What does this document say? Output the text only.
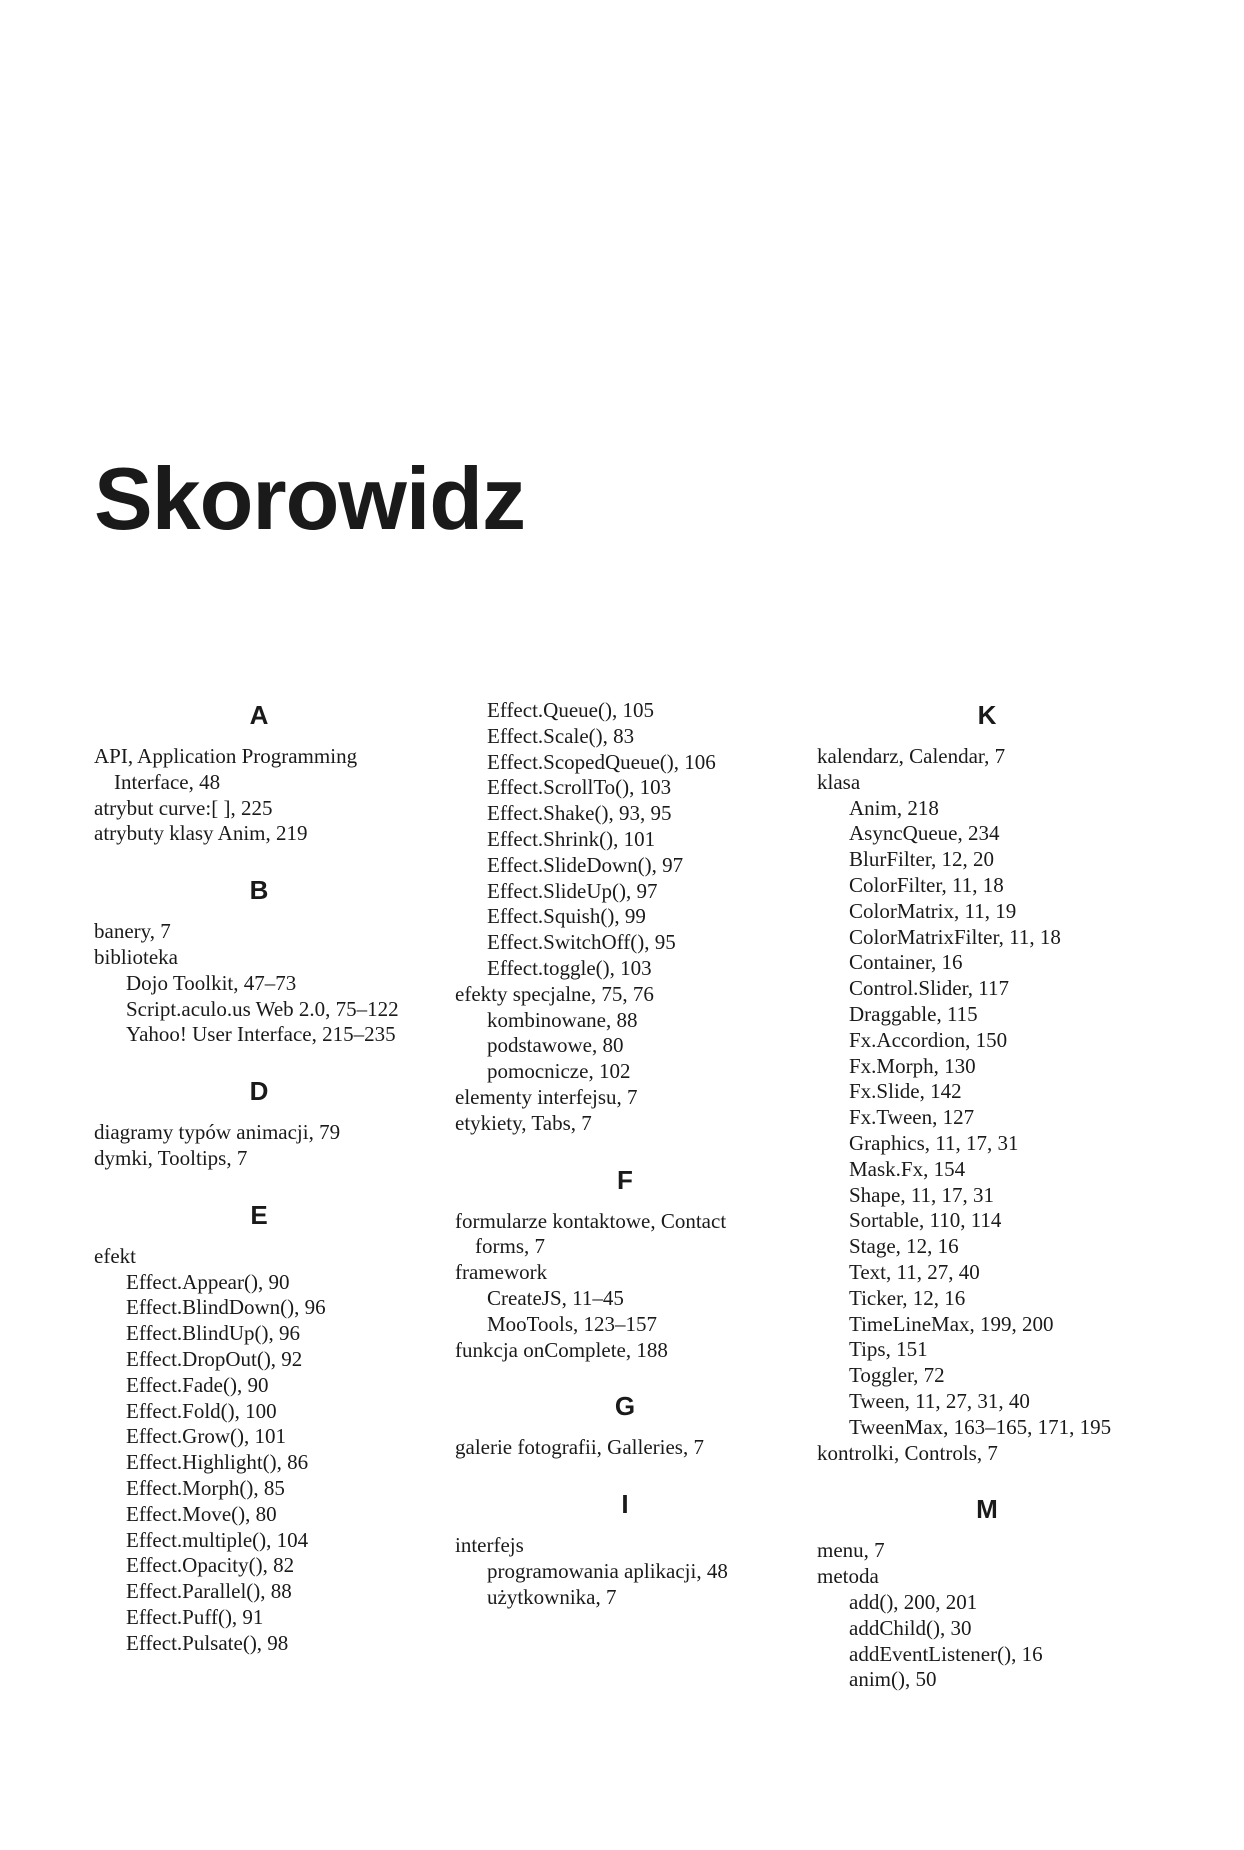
Skorowidz
A
API, Application Programming
Interface, 48
atrybut curve:[ ], 225
atrybuty klasy Anim, 219
B
banery, 7
biblioteka
Dojo Toolkit, 47–73
Script.aculo.us Web 2.0, 75–122
Yahoo! User Interface, 215–235
D
diagramy typów animacji, 79
dymki, Tooltips, 7
E
efekt
Effect.Appear(), 90
Effect.BlindDown(), 96
Effect.BlindUp(), 96
Effect.DropOut(), 92
Effect.Fade(), 90
Effect.Fold(), 100
Effect.Grow(), 101
Effect.Highlight(), 86
Effect.Morph(), 85
Effect.Move(), 80
Effect.multiple(), 104
Effect.Opacity(), 82
Effect.Parallel(), 88
Effect.Puff(), 91
Effect.Pulsate(), 98
Effect.Queue(), 105
Effect.Scale(), 83
Effect.ScopedQueue(), 106
Effect.ScrollTo(), 103
Effect.Shake(), 93, 95
Effect.Shrink(), 101
Effect.SlideDown(), 97
Effect.SlideUp(), 97
Effect.Squish(), 99
Effect.SwitchOff(), 95
Effect.toggle(), 103
efekty specjalne, 75, 76
kombinowane, 88
podstawowe, 80
pomocnicze, 102
elementy interfejsu, 7
etykiety, Tabs, 7
F
formularze kontaktowe, Contact
forms, 7
framework
CreateJS, 11–45
MooTools, 123–157
funkcja onComplete, 188
G
galerie fotografii, Galleries, 7
I
interfejs
programowania aplikacji, 48
użytkownika, 7
K
kalendarz, Calendar, 7
klasa
Anim, 218
AsyncQueue, 234
BlurFilter, 12, 20
ColorFilter, 11, 18
ColorMatrix, 11, 19
ColorMatrixFilter, 11, 18
Container, 16
Control.Slider, 117
Draggable, 115
Fx.Accordion, 150
Fx.Morph, 130
Fx.Slide, 142
Fx.Tween, 127
Graphics, 11, 17, 31
Mask.Fx, 154
Shape, 11, 17, 31
Sortable, 110, 114
Stage, 12, 16
Text, 11, 27, 40
Ticker, 12, 16
TimeLineMax, 199, 200
Tips, 151
Toggler, 72
Tween, 11, 27, 31, 40
TweenMax, 163–165, 171, 195
kontrolki, Controls, 7
M
menu, 7
metoda
add(), 200, 201
addChild(), 30
addEventListener(), 16
anim(), 50
